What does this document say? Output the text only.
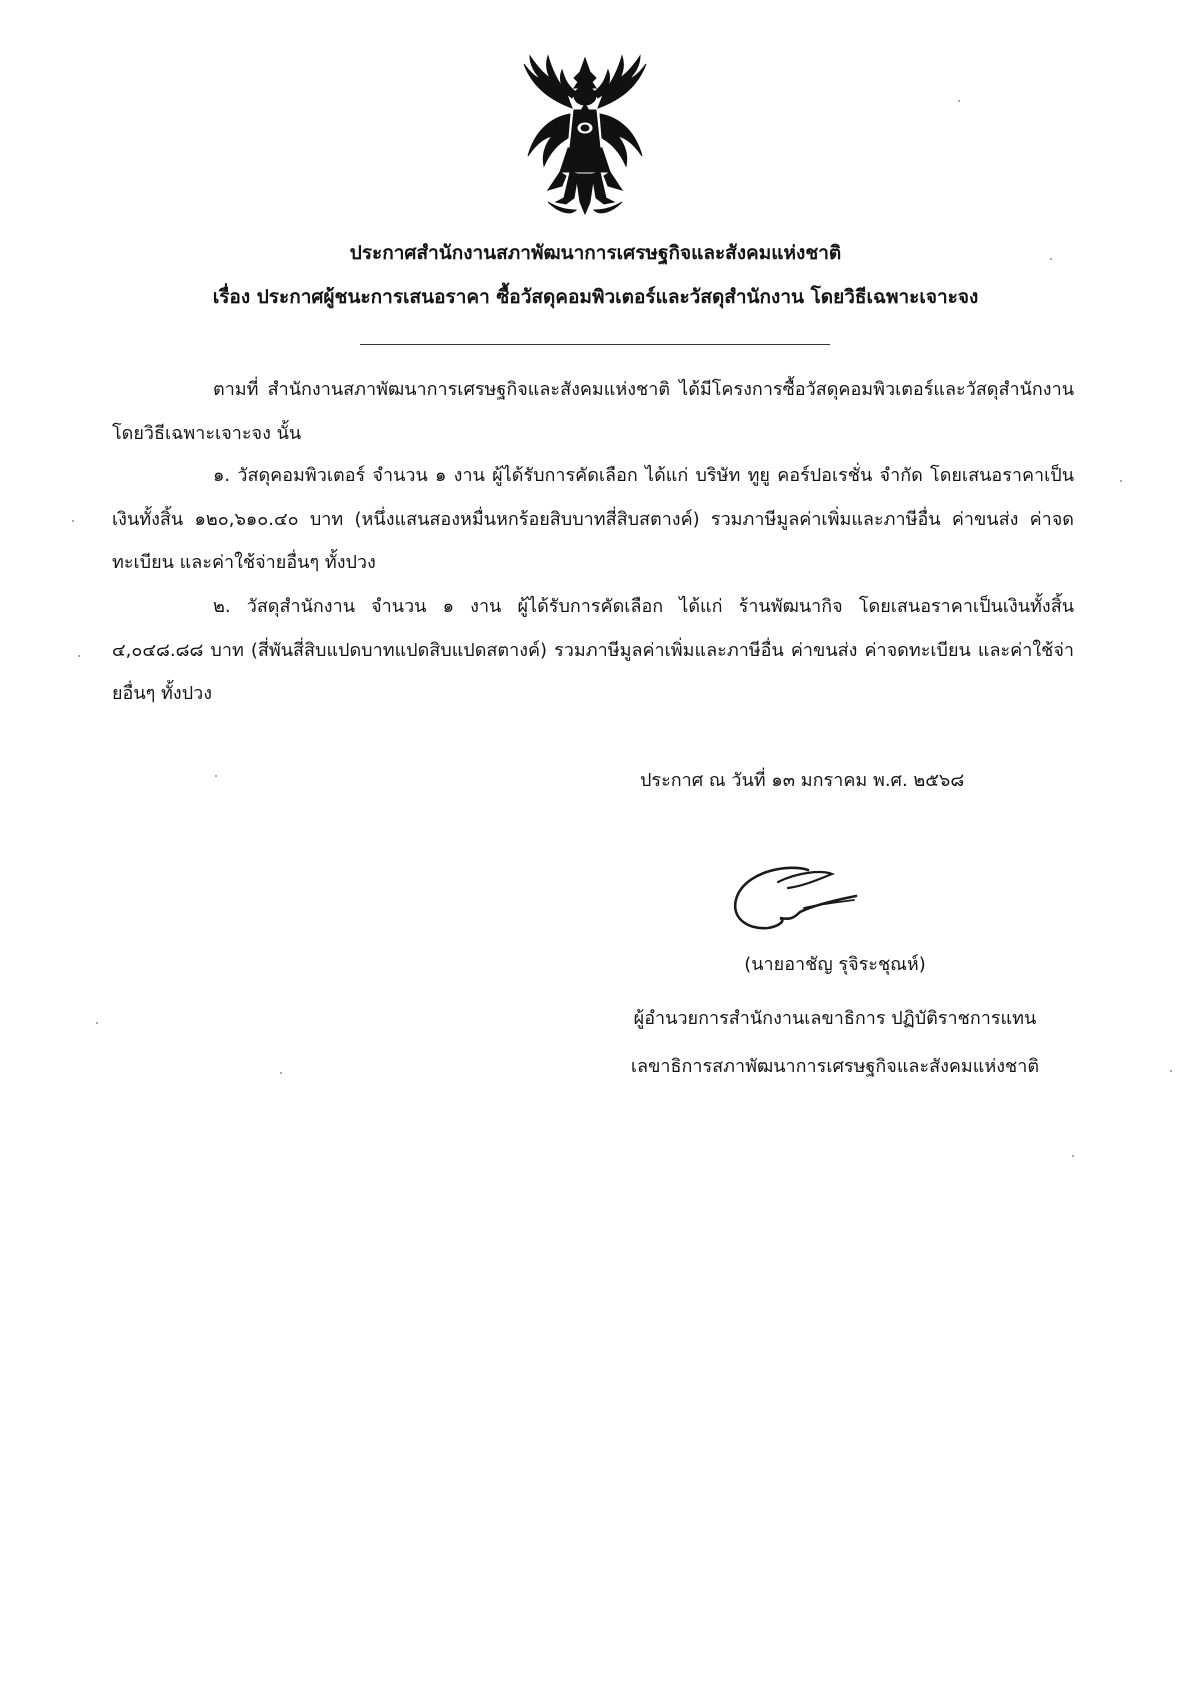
ประกาศสำนักงานสภาพัฒนาการเศรษฐกิจและสังคมแห่งชาติ
เรื่อง ประกาศผู้ชนะการเสนอราคา ซื้อวัสดุคอมพิวเตอร์และวัสดุสำนักงาน โดยวิธีเฉพาะเจาะจง

ตามที่ สำนักงานสภาพัฒนาการเศรษฐกิจและสังคมแห่งชาติ ได้มีโครงการซื้อวัสดุคอมพิวเตอร์และวัสดุสำนักงาน โดยวิธีเฉพาะเจาะจง นั้น

๑. วัสดุคอมพิวเตอร์ จำนวน ๑ งาน ผู้ได้รับการคัดเลือก ได้แก่ บริษัท ทูยู คอร์ปอเรชั่น จำกัด โดยเสนอราคาเป็นเงินทั้งสิ้น ๑๒๐,๖๑๐.๔๐ บาท (หนึ่งแสนสองหมื่นหกร้อยสิบบาทสี่สิบสตางค์) รวมภาษีมูลค่าเพิ่มและภาษีอื่น ค่าขนส่ง ค่าจดทะเบียน และค่าใช้จ่ายอื่นๆ ทั้งปวง

๒. วัสดุสำนักงาน จำนวน ๑ งาน ผู้ได้รับการคัดเลือก ได้แก่ ร้านพัฒนากิจ โดยเสนอราคาเป็นเงินทั้งสิ้น ๔,๐๔๘.๘๘ บาท (สี่พันสี่สิบแปดบาทแปดสิบแปดสตางค์) รวมภาษีมูลค่าเพิ่มและภาษีอื่น ค่าขนส่ง ค่าจดทะเบียน และค่าใช้จ่ายอื่นๆ ทั้งปวง

ประกาศ ณ วันที่ ๑๓ มกราคม พ.ศ. ๒๕๖๘
(นายอาชัญ รุจิระชุณห์)
ผู้อำนวยการสำนักงานเลขาธิการ ปฏิบัติราชการแทน
เลขาธิการสภาพัฒนาการเศรษฐกิจและสังคมแห่งชาติ
